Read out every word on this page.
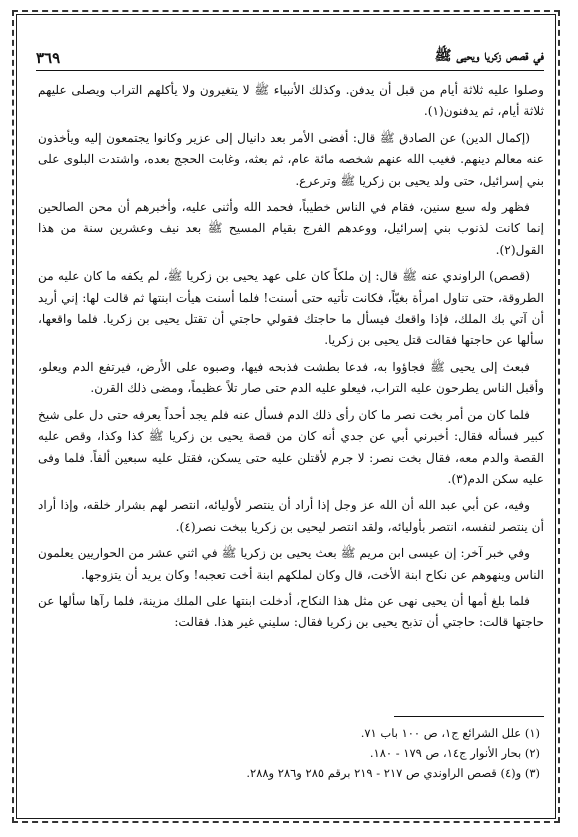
في قصص زكريا ويحيى ﷺ
٣٦٩

وصلوا عليه ثلاثة أيام من قبل أن يدفن. وكذلك الأنبياء ﷺ لا يتغيرون ولا يأكلهم التراب ويصلى عليهم ثلاثة أيام، ثم يدفنون(١).

(إكمال الدين) عن الصادق ﷺ قال: أفضى الأمر بعد دانيال إلى عزير وكانوا يجتمعون إليه ويأخذون عنه معالم دينهم. فغيب الله عنهم شخصه مائة عام، ثم بعثه، وغابت الحجج بعده، واشتدت البلوى على بني إسرائيل، حتى ولد يحيى بن زكريا ﷺ وترعرع.

فظهر وله سبع سنين، فقام في الناس خطيباً، فحمد الله وأثنى عليه، وأخبرهم أن محن الصالحين إنما كانت لذنوب بني إسرائيل، ووعدهم الفرج بقيام المسيح ﷺ بعد نيف وعشرين سنة من هذا القول(٢).

(قصص) الراوندي عنه ﷺ قال: إن ملكاً كان على عهد يحيى بن زكريا ﷺ، لم يكفه ما كان عليه من الطروقة، حتى تناول امرأة بغيّاً، فكانت تأتيه حتى أسنت! فلما أسنت هيأت ابنتها ثم قالت لها: إني أريد أن آتي بك الملك، فإذا واقعك فيسأل ما حاجتك فقولي حاجتي أن تقتل يحيى بن زكريا. فلما واقعها، سألها عن حاجتها فقالت قتل يحيى بن زكريا.

فبعث إلى يحيى ﷺ فجاؤوا به، فدعا بطشت فذبحه فيها، وصبوه على الأرض، فيرتفع الدم ويعلو، وأقبل الناس يطرحون عليه التراب، فيعلو عليه الدم حتى صار تلاً عظيماً، ومضى ذلك القرن.

فلما كان من أمر بخت نصر ما كان رأى ذلك الدم فسأل عنه فلم يجد أحداً يعرفه حتى دل على شيخ كبير فسأله فقال: أخبرني أبي عن جدي أنه كان من قصة يحيى بن زكريا ﷺ كذا وكذا، وقص عليه القصة والدم معه، فقال بخت نصر: لا جرم لأقتلن عليه حتى يسكن، فقتل عليه سبعين ألفاً. فلما وفى عليه سكن الدم(٣).

وفيه، عن أبي عبد الله أن الله عز وجل إذا أراد أن ينتصر لأوليائه، انتصر لهم بشرار خلقه، وإذا أراد أن ينتصر لنفسه، انتصر بأوليائه، ولقد انتصر ليحيى بن زكريا ببخت نصر(٤).

وفي خبر آخر: إن عيسى ابن مريم ﷺ بعث يحيى بن زكريا ﷺ في اثني عشر من الحواريين يعلمون الناس وينهوهم عن نكاح ابنة الأخت، قال وكان لملكهم ابنة أخت تعجبه! وكان يريد أن يتزوجها.

فلما بلغ أمها أن يحيى نهى عن مثل هذا النكاح، أدخلت ابنتها على الملك مزينة، فلما رآها سألها عن حاجتها قالت: حاجتي أن تذبح يحيى بن زكريا فقال: سليني غير هذا. فقالت:

(١) علل الشرائع ج١، ص ١٠٠ باب ٧١.

(٢) بحار الأنوار ج١٤، ص ١٧٩ - ١٨٠.

(٣) و(٤) قصص الراوندي ص ٢١٧ - ٢١٩ برقم ٢٨٥ و٢٨٦ و٢٨٨.
